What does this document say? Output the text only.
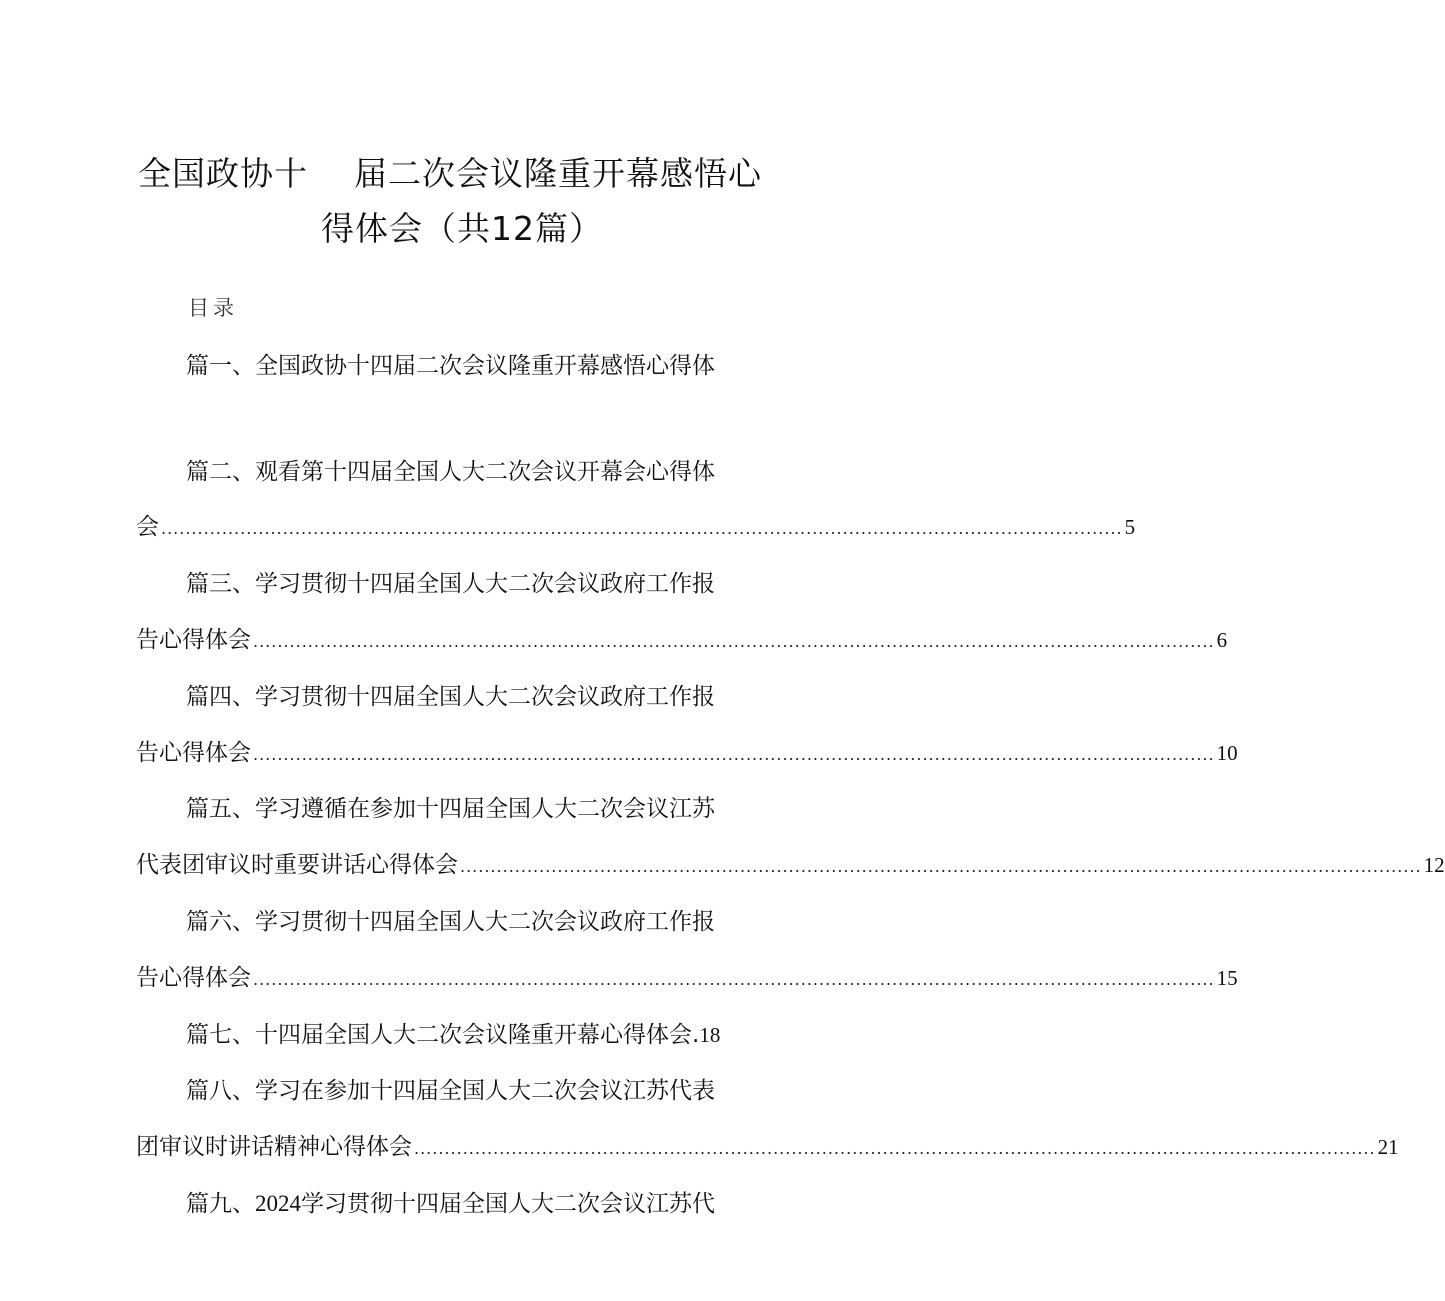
全国政协十 届二次会议隆重开幕感悟心
得体会（共12篇）
目录
篇一、全国政协十四届二次会议隆重开幕感悟心得体
篇二、观看第十四届全国人大二次会议开幕会心得体
会 .............................................................................................................................................................. 5
篇三、学习贯彻十四届全国人大二次会议政府工作报
告心得体会 .............................................................................................................................................................. 6
篇四、学习贯彻十四届全国人大二次会议政府工作报
告心得体会 .............................................................................................................................................................. 10
篇五、学习遵循在参加十四届全国人大二次会议江苏
代表团审议时重要讲话心得体会 .............................................................................................................................................................. 12
篇六、学习贯彻十四届全国人大二次会议政府工作报
告心得体会 .............................................................................................................................................................. 15
篇七、十四届全国人大二次会议隆重开幕心得体会.18
篇八、学习在参加十四届全国人大二次会议江苏代表
团审议时讲话精神心得体会 .............................................................................................................................................................. 21
篇九、2024学习贯彻十四届全国人大二次会议江苏代
